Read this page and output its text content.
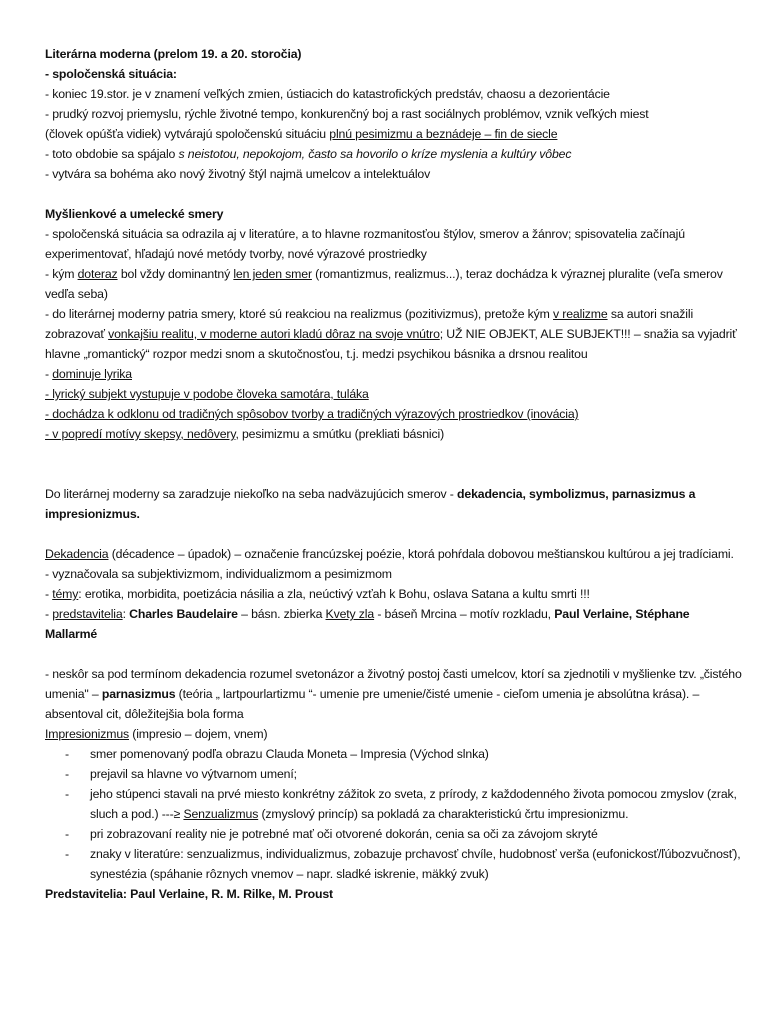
Literárna moderna (prelom 19. a 20. storočia)
- spoločenská situácia:
- koniec 19.stor. je v znamení veľkých zmien, ústiacich do katastrofických predstáv, chaosu a dezorientácie
- prudký rozvoj priemyslu, rýchle životné tempo, konkurenčný boj a rast sociálnych problémov, vznik veľkých miest
(človek opúšťa vidiek) vytvárajú spoločenskú situáciu plnú pesimizmu a beznádeje – fin de siecle
- toto obdobie sa spájalo s neistotou, nepokojom, často sa hovorilo o kríze myslenia a kultúry vôbec
- vytvára sa bohéma ako nový životný štýl najmä umelcov a intelektuálov
Myšlienkové a umelecké smery
- spoločenská situácia sa odrazila aj v literatúre, a to hlavne rozmanitosťou štýlov, smerov a žánrov; spisovatelia začínajú experimentovať, hľadajú nové metódy tvorby, nové výrazové prostriedky
- kým doteraz bol vždy dominantný len jeden smer (romantizmus, realizmus...), teraz dochádza k výraznej pluralite (veľa smerov vedľa seba)
- do literárnej moderny patria smery, ktoré sú reakciou na realizmus (pozitivizmus), pretože kým v realizme sa autori snažili zobrazovať vonkajšiu realitu, v moderne autori kladú dôraz na svoje vnútro; UŽ NIE OBJEKT, ALE SUBJEKT!!! – snažia sa vyjadriť hlavne „romantický“ rozpor medzi snom a skutočnosťou, t.j. medzi psychikou básnika a drsnou realitou
- dominuje lyrika
- lyrický subjekt vystupuje v podobe človeka samotára, tuláka
- dochádza k odklonu od tradičných spôsobov tvorby a tradičných výrazových prostriedkov (inovácia)
- v popredí motívy skepsy, nedôvery, pesimizmu a smútku (prekliati básnici)
Do literárnej moderny sa zaradzuje niekoľko na seba nadväzujúcich smerov - dekadencia, symbolizmus, parnasizmus a impresionizmus.
Dekadencia (décadence – úpadok) – označenie francúzskej poézie, ktorá pohŕdala dobovou meštianskou kultúrou a jej tradíciami.
- vyznačovala sa subjektivizmom, individualizmom a pesimizmom
- témy: erotika, morbidita, poetizácia násilia a zla, neúctivý vzťah k Bohu, oslava Satana a kultu smrti !!!
- predstavitelia: Charles Baudelaire – básn. zbierka Kvety zla - báseň Mrcina – motív rozkladu, Paul Verlaine, Stéphane Mallarmé
- neskôr sa pod termínom dekadencia rozumel svetonázor a životný postoj časti umelcov, ktorí sa zjednotili v myšlienke tzv. „čistého umenia" – parnasizmus (teória „ lartpourlartizmu “- umenie pre umenie/čisté umenie - cieľom umenia je absolútna krása). – absentoval cit, dôležitejšia bola forma
Impresionizmus (impresio – dojem, vnem)
- smer pomenovaný podľa obrazu Clauda Moneta – Impresia (Východ slnka)
- prejavil sa hlavne vo výtvarnom umení;
- jeho stúpenci stavali na prvé miesto konkrétny zážitok zo sveta, z prírody, z každodenného života pomocou zmyslov (zrak, sluch a pod.) ---≥ Senzualizmus (zmyslový princíp) sa pokladá za charakteristickú črtu impresionizmu.
- pri zobrazovaní reality nie je potrebné mať oči otvorené dokorán, cenia sa oči za závojom skryté
- znaky v literatúre: senzualizmus, individualizmus, zobazuje prchavosť chvíle, hudobnosť verša (eufonickosť/ľúbozvučnosť), synestézia (spáhanie rôznych vnemov – napr. sladké iskrenie, mäkký zvuk)
Predstavitelia: Paul Verlaine, R. M. Rilke, M. Proust
